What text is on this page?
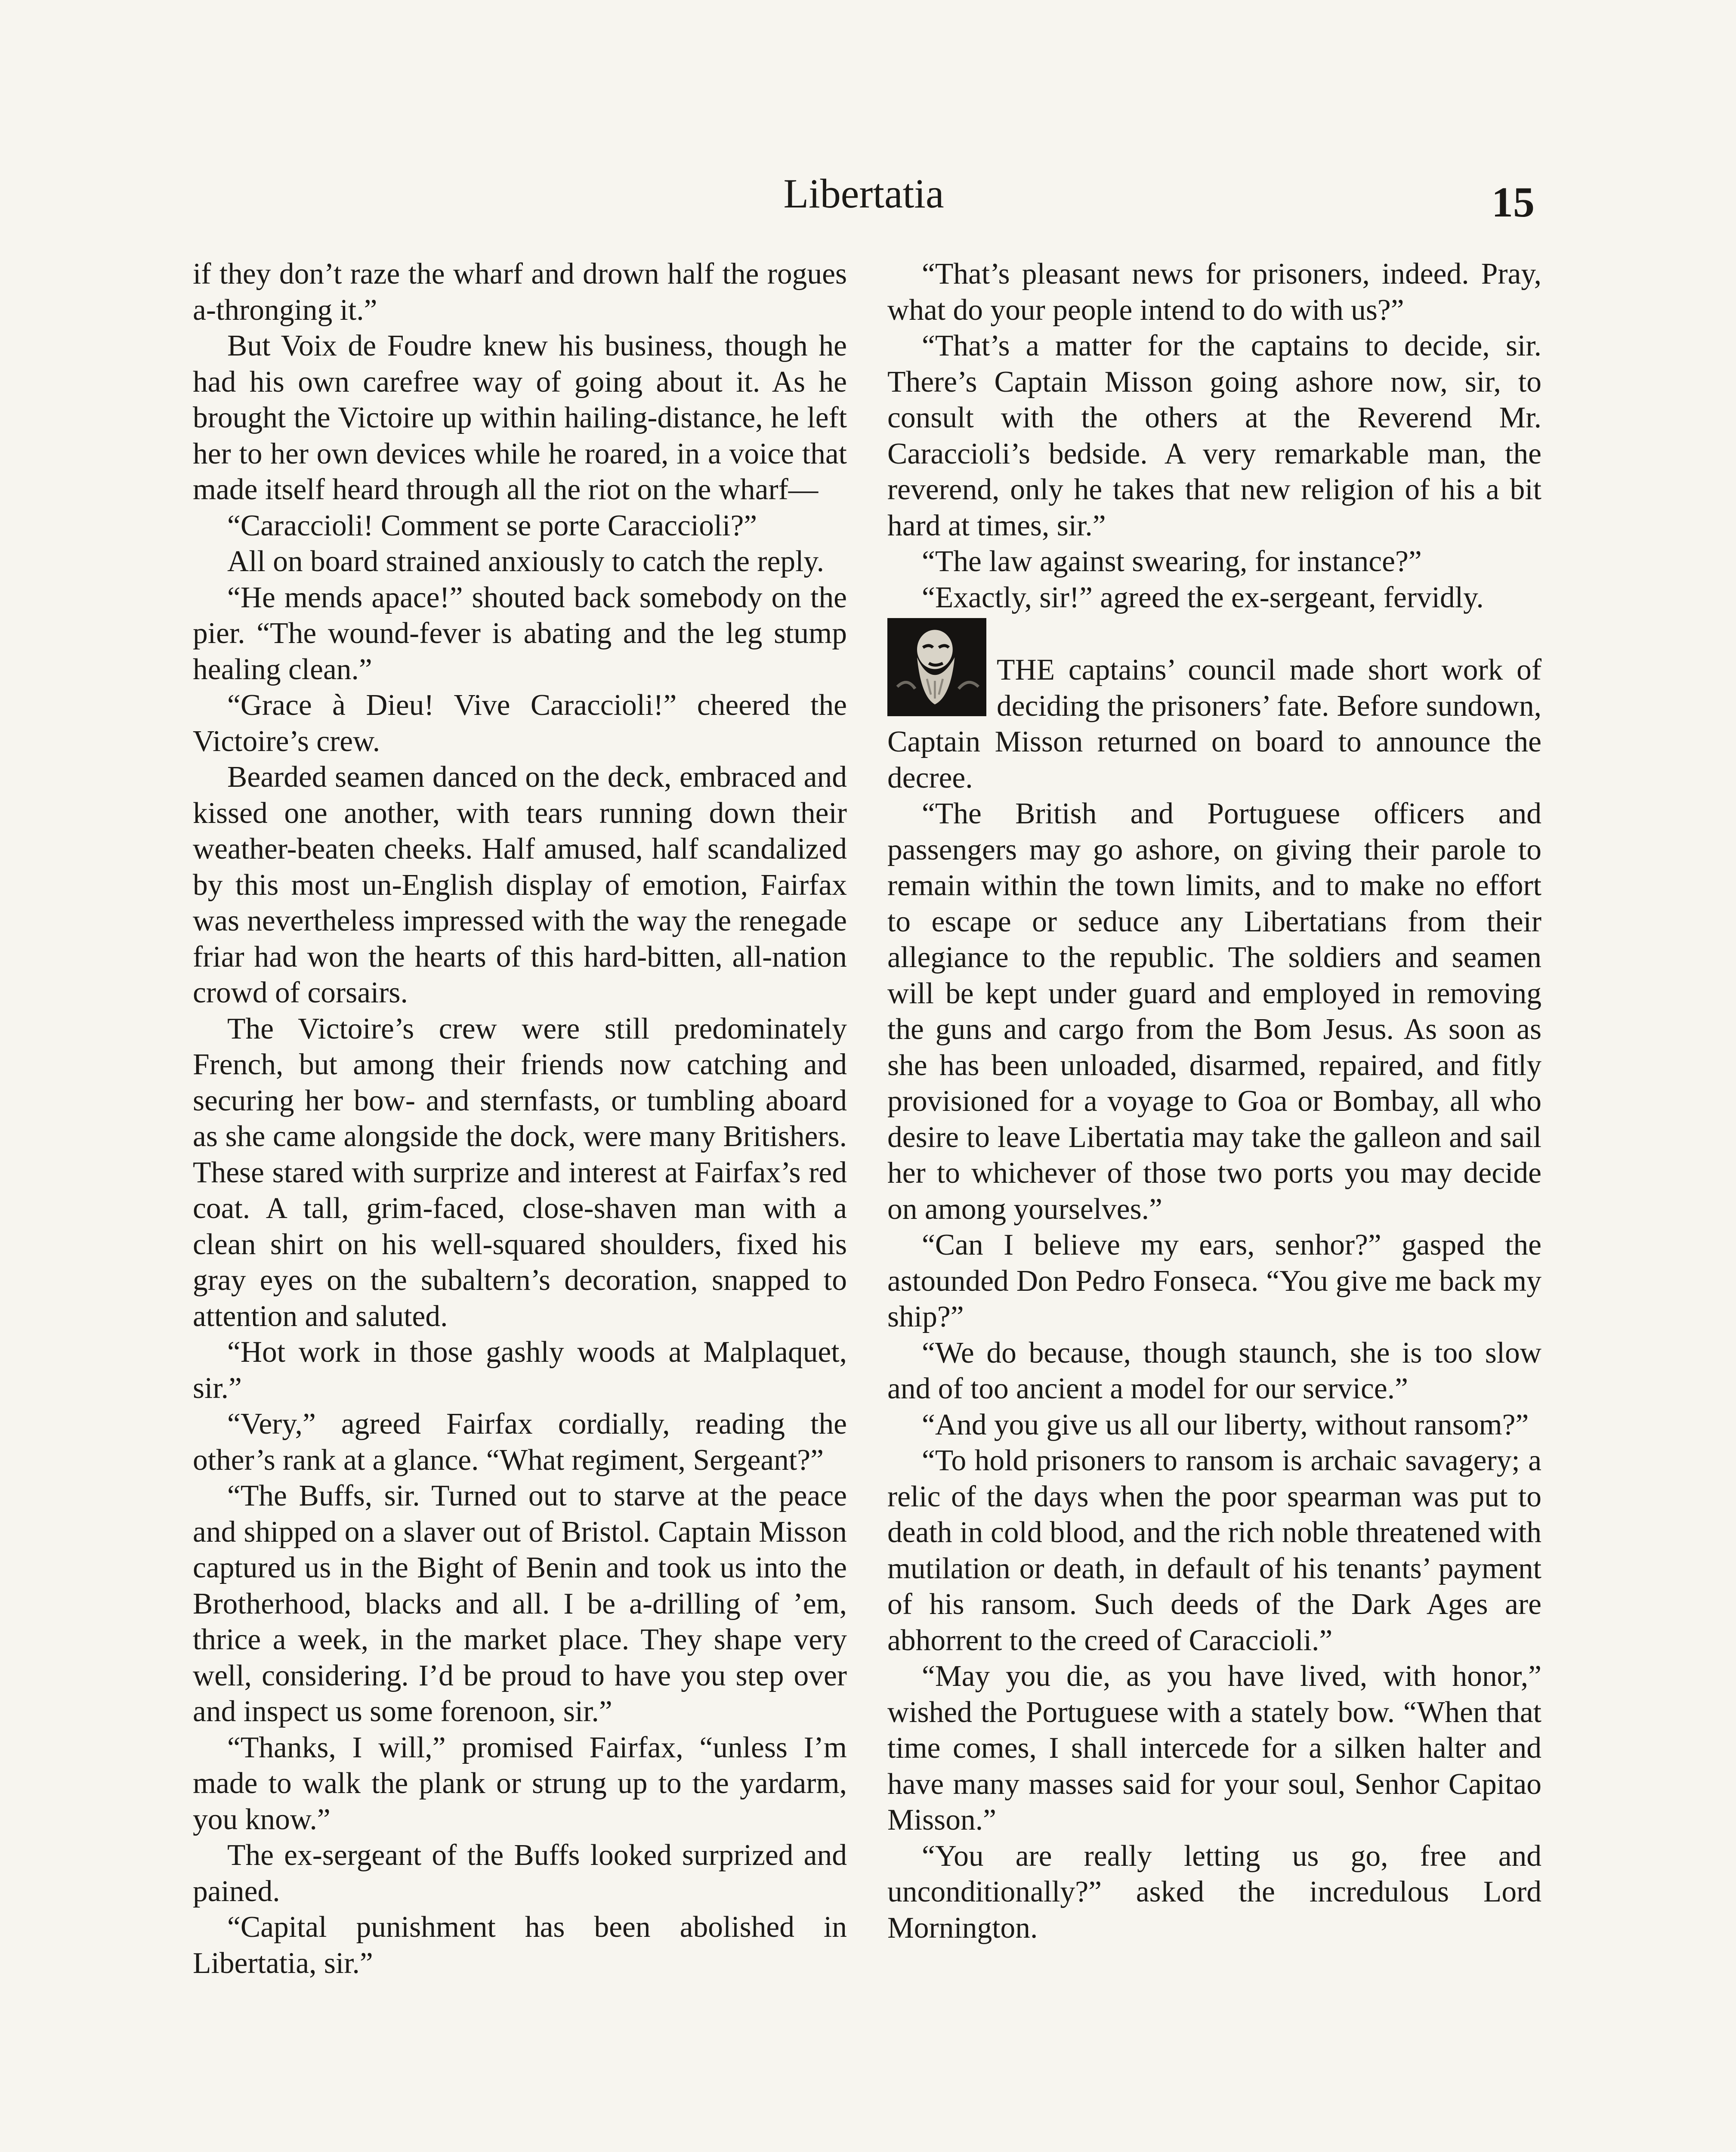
Libertatia	15

if they don’t raze the wharf and drown half the rogues a-thronging it.”

But Voix de Foudre knew his business, though he had his own carefree way of going about it. As he brought the Victoire up within hailing-distance, he left her to her own devices while he roared, in a voice that made itself heard through all the riot on the wharf—

“Caraccioli! Comment se porte Caraccioli?”

All on board strained anxiously to catch the reply.

“He mends apace!” shouted back somebody on the pier. “The wound-fever is abating and the leg stump healing clean.”

“Grace à Dieu! Vive Caraccioli!” cheered the Victoire’s crew.

Bearded seamen danced on the deck, embraced and kissed one another, with tears running down their weather-beaten cheeks. Half amused, half scandalized by this most un-English display of emotion, Fairfax was nevertheless impressed with the way the renegade friar had won the hearts of this hard-bitten, all-nation crowd of corsairs.

The Victoire’s crew were still predominately French, but among their friends now catching and securing her bow- and sternfasts, or tumbling aboard as she came alongside the dock, were many Britishers. These stared with surprize and interest at Fairfax’s red coat. A tall, grim-faced, close-shaven man with a clean shirt on his well-squared shoulders, fixed his gray eyes on the subaltern’s decoration, snapped to attention and saluted.

“Hot work in those gashly woods at Malplaquet, sir.”

“Very,” agreed Fairfax cordially, reading the other’s rank at a glance. “What regiment, Sergeant?”

“The Buffs, sir. Turned out to starve at the peace and shipped on a slaver out of Bristol. Captain Misson captured us in the Bight of Benin and took us into the Brotherhood, blacks and all. I be a-drilling of ’em, thrice a week, in the market place. They shape very well, considering. I’d be proud to have you step over and inspect us some forenoon, sir.”

“Thanks, I will,” promised Fairfax, “unless I’m made to walk the plank or strung up to the yardarm, you know.”

The ex-sergeant of the Buffs looked surprized and pained.

“Capital punishment has been abolished in Libertatia, sir.”

“That’s pleasant news for prisoners, indeed. Pray, what do your people intend to do with us?”

“That’s a matter for the captains to decide, sir. There’s Captain Misson going ashore now, sir, to consult with the others at the Reverend Mr. Caraccioli’s bedside. A very remarkable man, the reverend, only he takes that new religion of his a bit hard at times, sir.”

“The law against swearing, for instance?”

“Exactly, sir!” agreed the ex-sergeant, fervidly.

THE captains’ council made short work of deciding the prisoners’ fate. Before sundown, Captain Misson returned on board to announce the decree.

“The British and Portuguese officers and passengers may go ashore, on giving their parole to remain within the town limits, and to make no effort to escape or seduce any Libertatians from their allegiance to the republic. The soldiers and seamen will be kept under guard and employed in removing the guns and cargo from the Bom Jesus. As soon as she has been unloaded, disarmed, repaired, and fitly provisioned for a voyage to Goa or Bombay, all who desire to leave Libertatia may take the galleon and sail her to whichever of those two ports you may decide on among yourselves.”

“Can I believe my ears, senhor?” gasped the astounded Don Pedro Fonseca. “You give me back my ship?”

“We do because, though staunch, she is too slow and of too ancient a model for our service.”

“And you give us all our liberty, without ransom?”

“To hold prisoners to ransom is archaic savagery; a relic of the days when the poor spearman was put to death in cold blood, and the rich noble threatened with mutilation or death, in default of his tenants’ payment of his ransom. Such deeds of the Dark Ages are abhorrent to the creed of Caraccioli.”

“May you die, as you have lived, with honor,” wished the Portuguese with a stately bow. “When that time comes, I shall intercede for a silken halter and have many masses said for your soul, Senhor Capitao Misson.”

“You are really letting us go, free and unconditionally?” asked the incredulous Lord Mornington.
